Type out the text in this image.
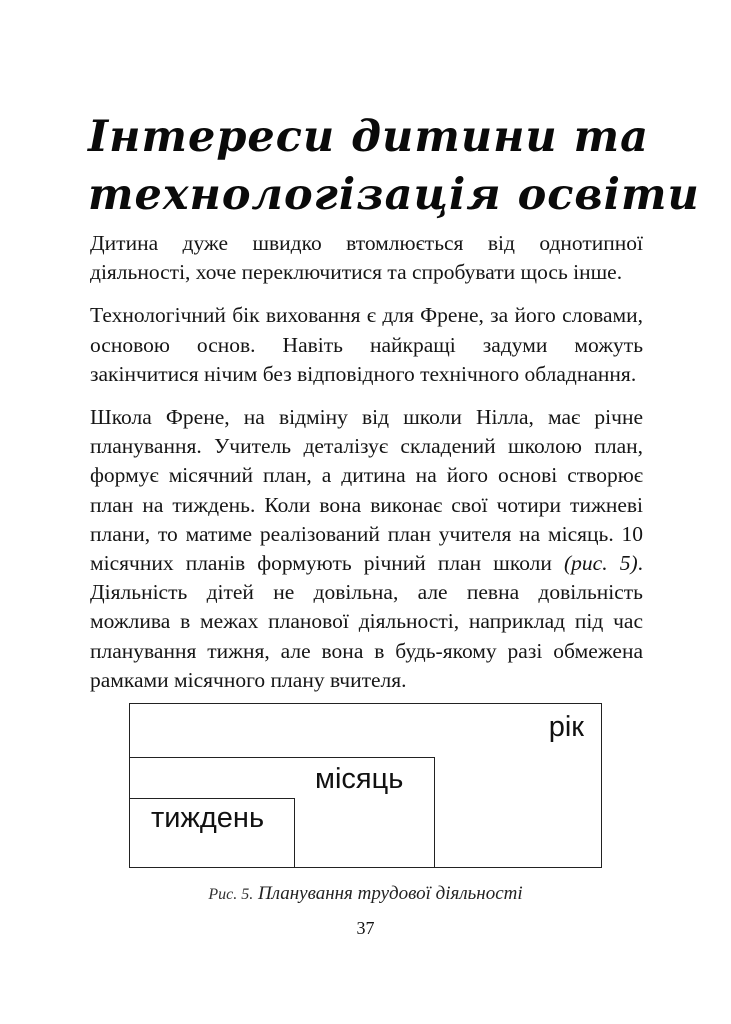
Інтереси дитини та
технологізація освіти

Дитина дуже швидко втомлюється від однотипної діяльності, хоче переключитися та спробувати щось інше.

Технологічний бік виховання є для Френе, за його словами, основою основ. Навіть найкращі задуми можуть закінчитися нічим без відповідного технічного обладнання.

Школа Френе, на відміну від школи Нілла, має річне планування. Учитель деталізує складений школою план, формує місячний план, а дитина на його основі створює план на тиждень. Коли вона виконає свої чотири тижневі плани, то матиме реалізований план учителя на місяць. 10 місячних планів формують річний план школи (рис. 5). Діяльність дітей не довільна, але певна довільність можлива в межах планової діяльності, наприклад під час планування тижня, але вона в будь-якому разі обмежена рамками місячного плану вчителя.

рік
місяць
тиждень
Рис. 5. Планування трудової діяльності
37
